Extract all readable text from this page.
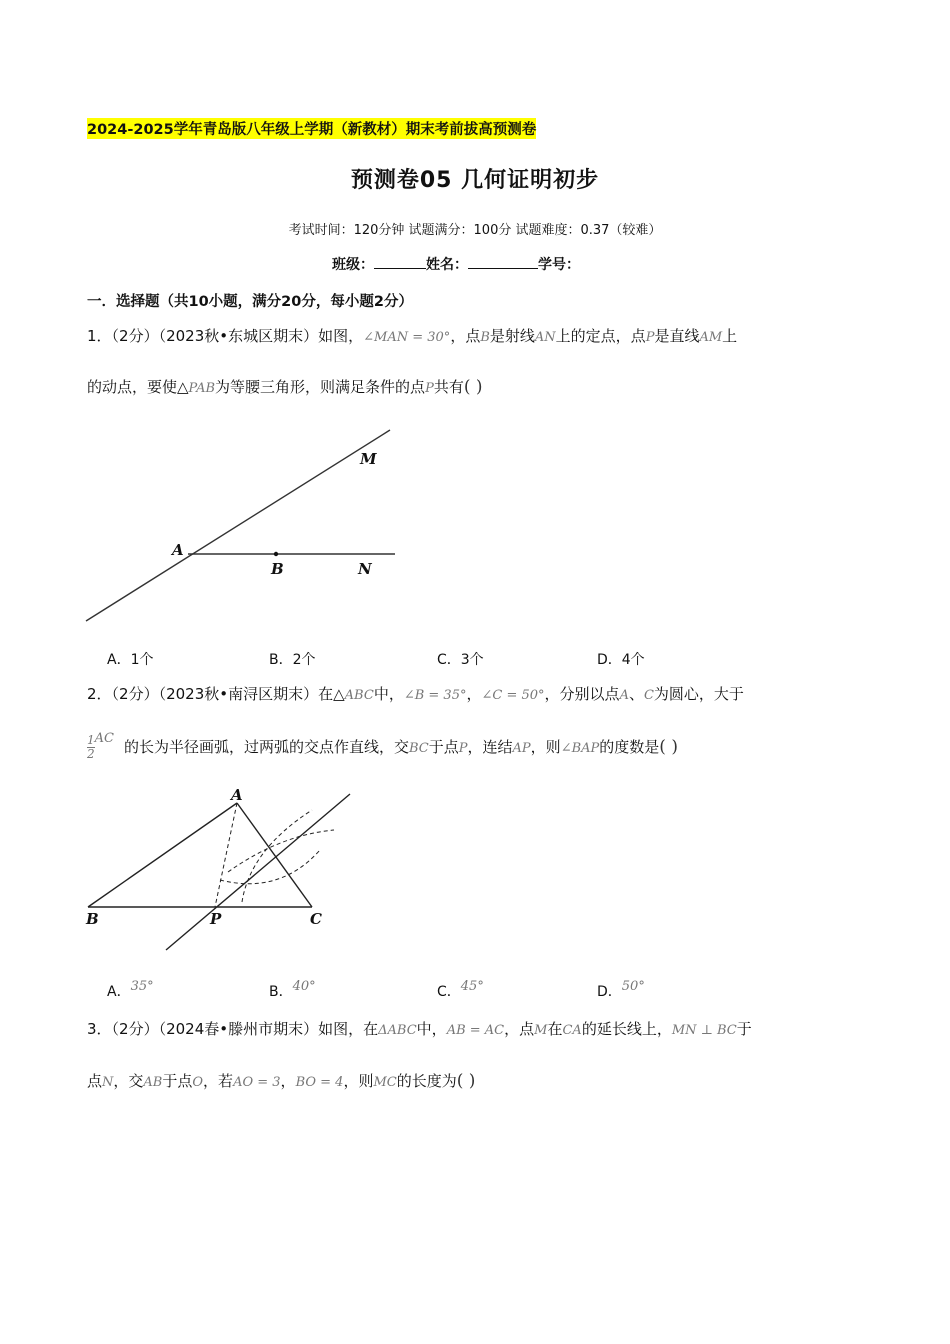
2024-2025学年青岛版八年级上学期（新教材）期末考前拔高预测卷
预测卷05 几何证明初步
考试时间：120分钟 试题满分：100分 试题难度：0.37（较难）
班级：	姓名：	学号：
一．选择题（共10小题，满分20分，每小题2分）
1．（2分）（2023秋•东城区期末）如图，∠MAN = 30°，点B是射线AN上的定点，点P是直线AM上
的动点，要使△PAB为等腰三角形，则满足条件的点P共有( )
M
A
B	N
A．1个	B．2个	C．3个	D．4个
2．（2分）（2023秋•南浔区期末）在△ABC中，∠B = 35°，∠C = 50°，分别以点A、C为圆心，大于
$\frac{1}{2}$ AC 的长为半径画弧，过两弧的交点作直线，交BC于点P，连结AP，则∠BAP的度数是( )
A
B	P	C
A．35°	B．40°	C．45°	D．50°
3．（2分）（2024春•滕州市期末）如图，在ΔABC中，AB = AC，点M在CA的延长线上，MN ⊥ BC于
点N，交AB于点O，若AO = 3，BO = 4，则MC的长度为( )
